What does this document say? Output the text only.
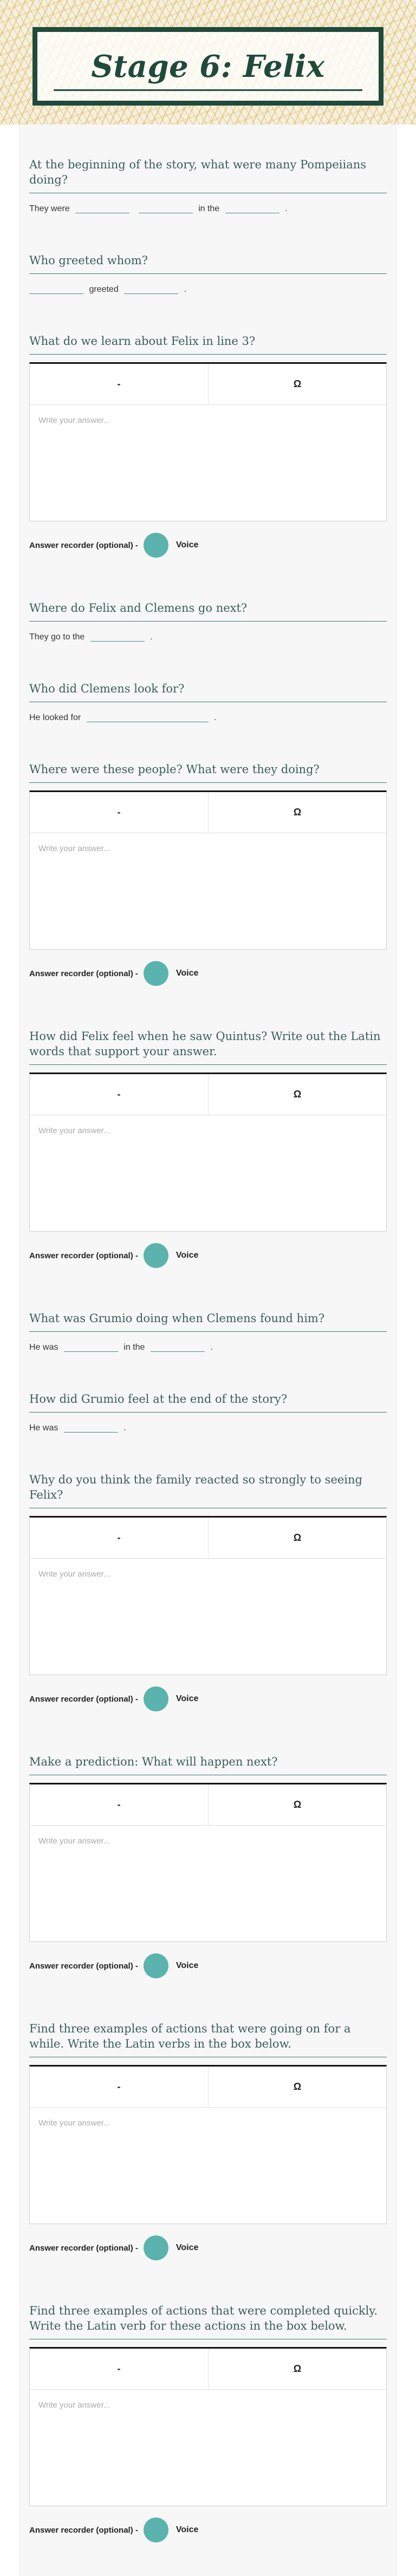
Stage 6: Felix
At the beginning of the story, what were many Pompeiians doing?
They were	in the	.
Who greeted whom?
greeted	.
What do we learn about Felix in line 3?
-	Ω
Write your answer...
Answer recorder (optional) -	Voice
Where do Felix and Clemens go next?
They go to the	.
Who did Clemens look for?
He looked for	.
Where were these people? What were they doing?
-	Ω
Write your answer...
Answer recorder (optional) -	Voice
How did Felix feel when he saw Quintus? Write out the Latin words that support your answer.
-	Ω
Write your answer...
Answer recorder (optional) -	Voice
What was Grumio doing when Clemens found him?
He was	in the	.
How did Grumio feel at the end of the story?
He was	.
Why do you think the family reacted so strongly to seeing Felix?
-	Ω
Write your answer...
Answer recorder (optional) -	Voice
Make a prediction: What will happen next?
-	Ω
Write your answer...
Answer recorder (optional) -	Voice
Find three examples of actions that were going on for a while. Write the Latin verbs in the box below.
-	Ω
Write your answer...
Answer recorder (optional) -	Voice
Find three examples of actions that were completed quickly. Write the Latin verb for these actions in the box below.
-	Ω
Write your answer...
Answer recorder (optional) -	Voice
